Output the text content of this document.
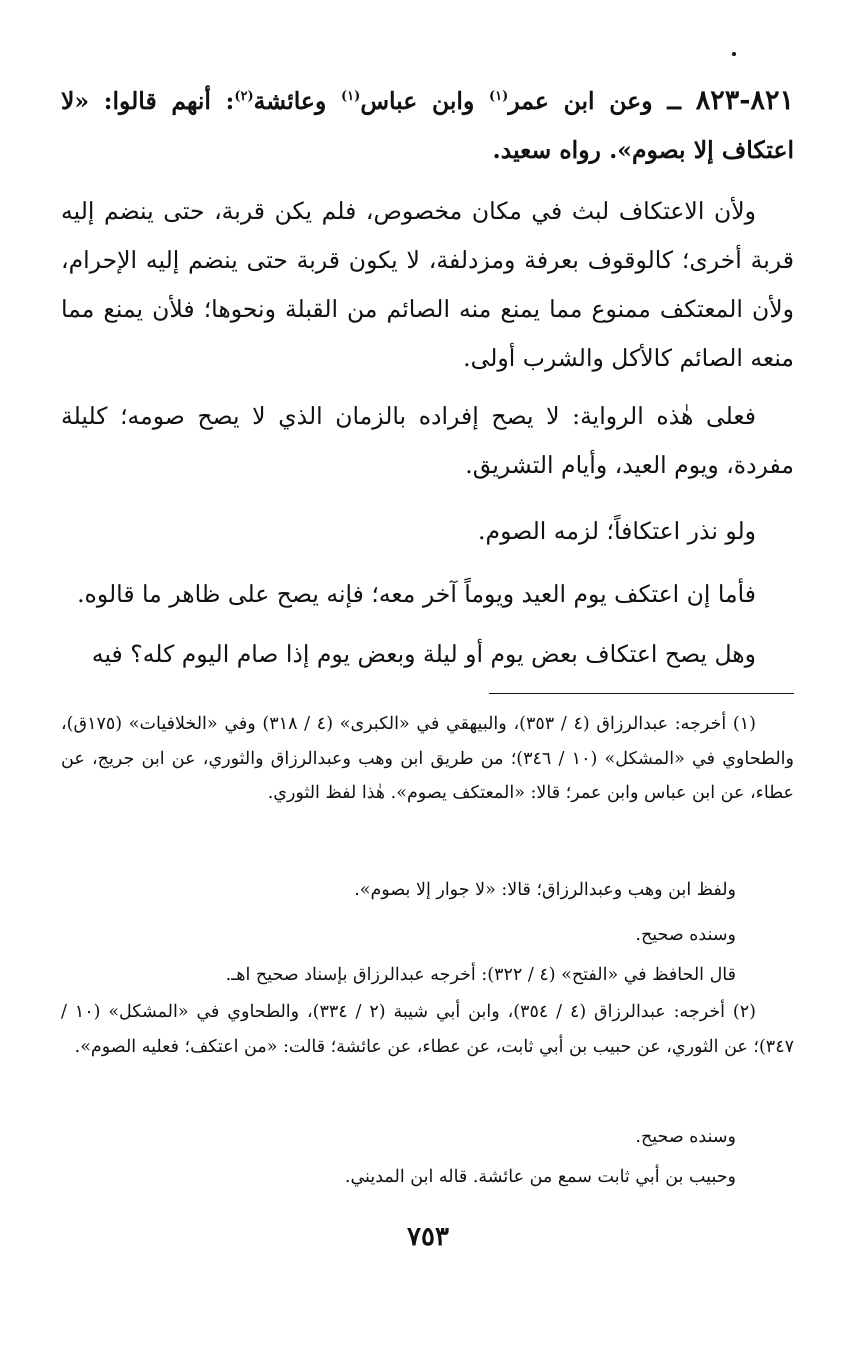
٨٢١-٨٢٣ ــ وعن ابن عمر$^{(١)}$ وابن عباس$^{(١)}$ وعائشة$^{(٢)}$: أنهم قالوا: «لا اعتكاف إلا بصوم». رواه سعيد.

ولأن الاعتكاف لبث في مكان مخصوص، فلم يكن قربة، حتى ينضم إليه قربة أخرى؛ كالوقوف بعرفة ومزدلفة، لا يكون قربة حتى ينضم إليه الإحرام، ولأن المعتكف ممنوع مما يمنع منه الصائم من القبلة ونحوها؛ فلأن يمنع مما منعه الصائم كالأكل والشرب أولى.

فعلى هٰذه الرواية: لا يصح إفراده بالزمان الذي لا يصح صومه؛ كليلة مفردة، ويوم العيد، وأيام التشريق.

ولو نذر اعتكافاً؛ لزمه الصوم.

فأما إن اعتكف يوم العيد ويوماً آخر معه؛ فإنه يصح على ظاهر ما قالوه.

وهل يصح اعتكاف بعض يوم أو ليلة وبعض يوم إذا صام اليوم كله؟ فيه

(١) أخرجه: عبدالرزاق (٤ / ٣٥٣)، والبيهقي في «الكبرى» (٤ / ٣١٨) وفي «الخلافيات» (١٧٥ق)، والطحاوي في «المشكل» (١٠ / ٣٤٦)؛ من طريق ابن وهب وعبدالرزاق والثوري، عن ابن جريج، عن عطاء، عن ابن عباس وابن عمر؛ قالا: «المعتكف يصوم». هٰذا لفظ الثوري.

ولفظ ابن وهب وعبدالرزاق؛ قالا: «لا جوار إلا بصوم».

وسنده صحيح.

قال الحافظ في «الفتح» (٤ / ٣٢٢): أخرجه عبدالرزاق بإسناد صحيح اهـ.

(٢) أخرجه: عبدالرزاق (٤ / ٣٥٤)، وابن أبي شيبة (٢ / ٣٣٤)، والطحاوي في «المشكل» (١٠ / ٣٤٧)؛ عن الثوري، عن حبيب بن أبي ثابت، عن عطاء، عن عائشة؛ قالت: «من اعتكف؛ فعليه الصوم».

وسنده صحيح.

وحبيب بن أبي ثابت سمع من عائشة. قاله ابن المديني.

٧٥٣
